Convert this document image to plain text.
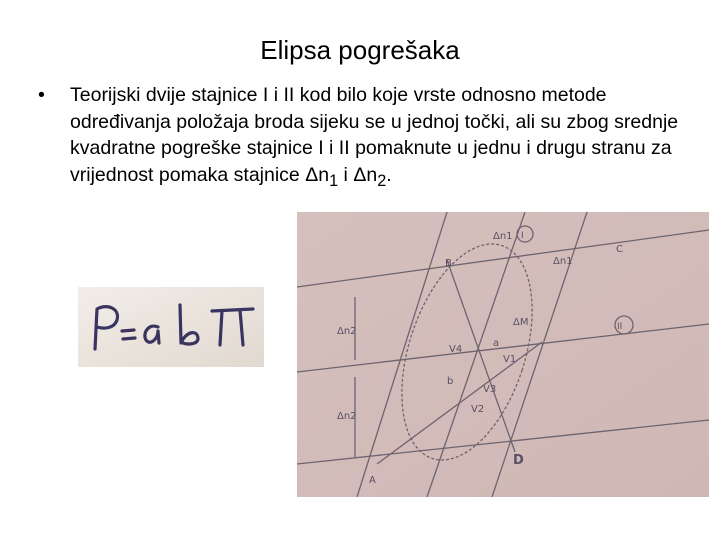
Elipsa pogrešaka
• Teorijski dvije stajnice I i II kod bilo koje vrste odnosno metode određivanja položaja broda sijeku se u jednoj točki, ali su zbog srednje kvadratne pogreške stajnice I i II pomaknute u jednu i drugu stranu za vrijednost pomaka stajnice $\Delta n_1$ i $\Delta n_2$.
Δn1 I
Δn1
B
C
ΔM	II
Δn2
Δn2
V4
a
V1
b
V3
V2
A
D
